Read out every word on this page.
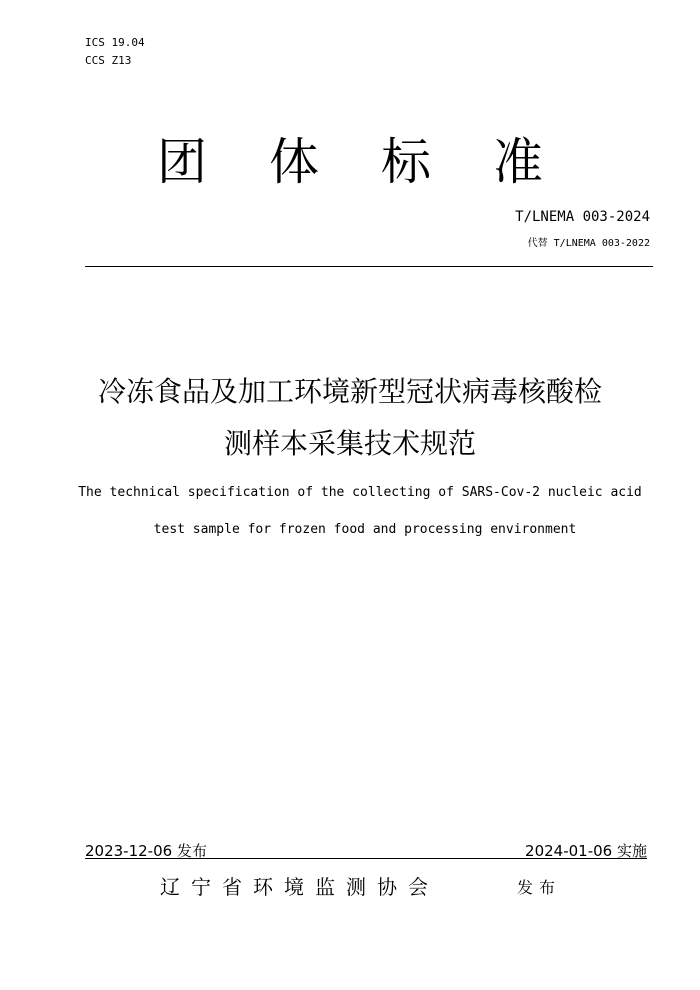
ICS 19.04
CCS Z13
团体标准
T/LNEMA 003-2024
代替 T/LNEMA 003-2022
冷冻食品及加工环境新型冠状病毒核酸检
测样本采集技术规范
The technical specification of the collecting of SARS-Cov-2 nucleic acid
test sample for frozen food and processing environment
2023-12-06 发布	2024-01-06 实施
辽宁省环境监测协会	发布
